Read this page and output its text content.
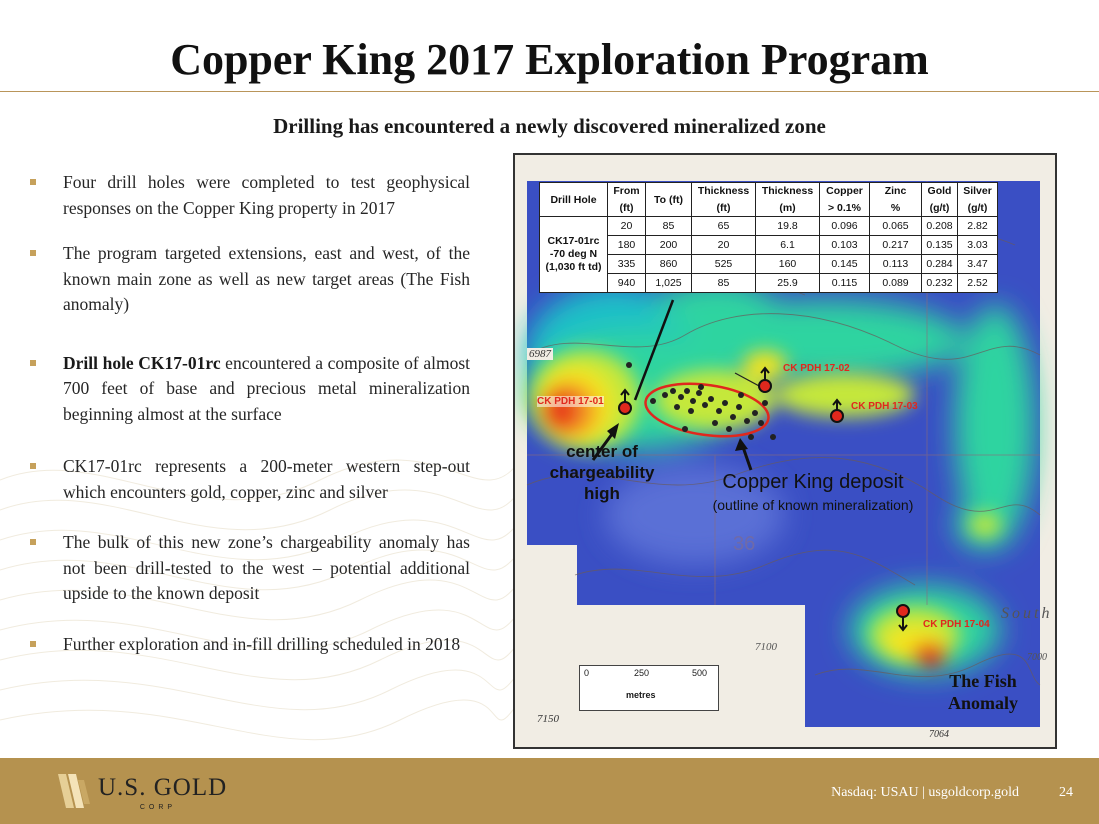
Copper King 2017 Exploration Program
Drilling has encountered a newly discovered mineralized zone
Four drill holes were completed to test geophysical responses on the Copper King property in 2017
The program targeted extensions, east and west, of the known main zone as well as new target areas (The Fish anomaly)
Drill hole CK17-01rc encountered a composite of almost 700 feet of base and precious metal mineralization beginning almost at the surface
CK17-01rc represents a 200-meter western step-out which encounters gold, copper, zinc and silver
The bulk of this new zone’s chargeability anomaly has not been drill-tested to the west – potential additional upside to the known deposit
Further exploration and in-fill drilling scheduled in 2018
Drill Hole	From	To (ft)	Thickness	Thickness	Copper	Zinc	Gold	Silver
	(ft)		(ft)	(m)	> 0.1%	%	(g/t)	(g/t)

CK17-01rc
-70 deg N
(1,030 ft td)	20	85	65	19.8	0.096	0.065	0.208	2.82
	180	200	20	6.1	0.103	0.217	0.135	3.03
	335	860	525	160	0.145	0.113	0.284	3.47
	940	1,025	85	25.9	0.115	0.089	0.232	2.52
CK PDH 17-01
CK PDH 17-02
CK PDH 17-03
CK PDH 17-04
center of
chargeability
high
Copper King deposit
(outline of known mineralization)
36
6987
7150
7100
7000
7064
South
The Fish
Anomaly
0	250	500
metres
U.S. GOLD
CORP
Nasdaq: USAU | usgoldcorp.gold	24
